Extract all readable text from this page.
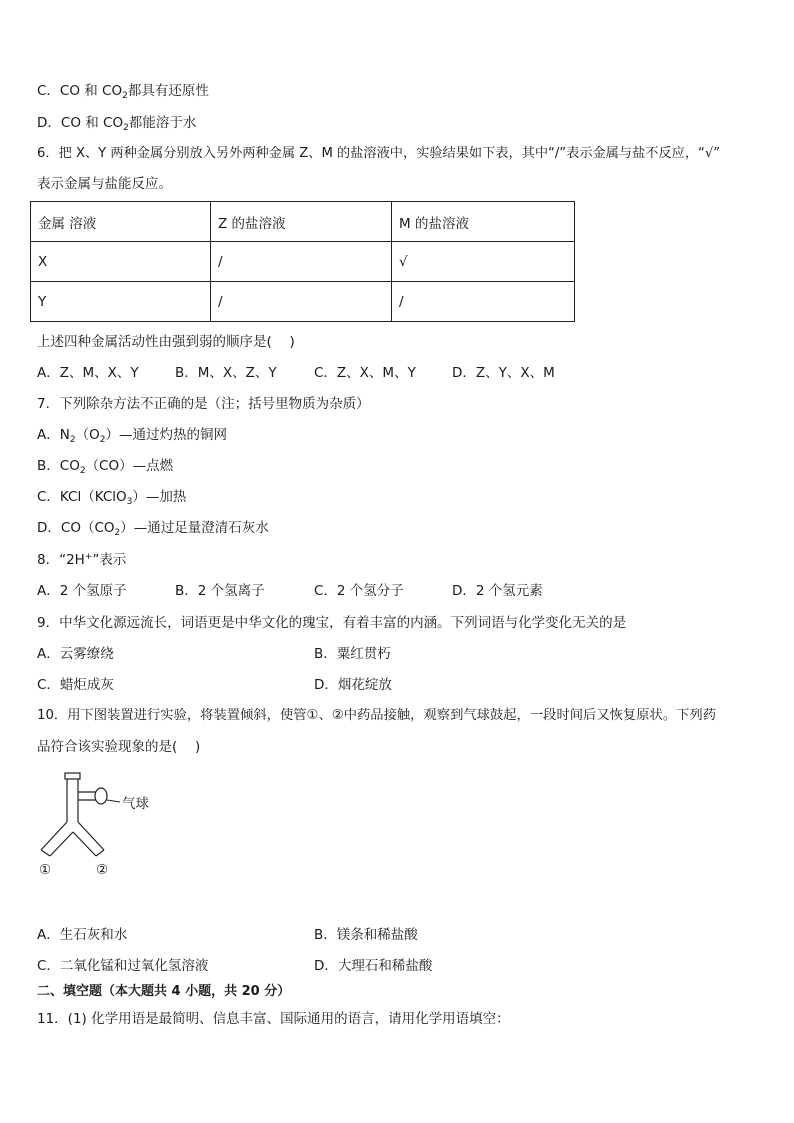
C．CO 和 $CO_2$都具有还原性
D．CO 和 $CO_2$都能溶于水
6．把 X、Y 两种金属分别放入另外两种金属 Z、M 的盐溶液中，实验结果如下表，其中“/”表示金属与盐不反应，“√”
表示金属与盐能反应。
金属 溶液	Z 的盐溶液	M 的盐溶液
X	/	√
Y	/	/
上述四种金属活动性由强到弱的顺序是(　 )
A．Z、M、X、Y	B．M、X、Z、Y	C．Z、X、M、Y	D．Z、Y、X、M
7．下列除杂方法不正确的是（注；括号里物质为杂质）
A．$N_2(O_2)—$通过灼热的铜网
B．$CO_2(CO)—$点燃
C．KCl（KClO$_3$）—加热
D．$CO(CO_2)—$通过足量澄清石灰水
8．“2H+”表示
A．2 个氢原子	B．2 个氢离子	C．2 个氢分子	D．2 个氢元素
9．中华文化源远流长，词语更是中华文化的瑰宝，有着丰富的内涵。下列词语与化学变化无关的是
A．云雾缭绕	B．粟红贯朽
C．蜡炬成灰	D．烟花绽放
10．用下图装置进行实验，将装置倾斜，使管①、②中药品接触，观察到气球鼓起，一段时间后又恢复原状。下列药
品符合该实验现象的是(　 )
气球
①	②
A．生石灰和水	B．镁条和稀盐酸
C．二氧化锰和过氧化氢溶液	D．大理石和稀盐酸
二、填空题（本大题共 4 小题，共 20 分）
11．(1) 化学用语是最简明、信息丰富、国际通用的语言，请用化学用语填空：
